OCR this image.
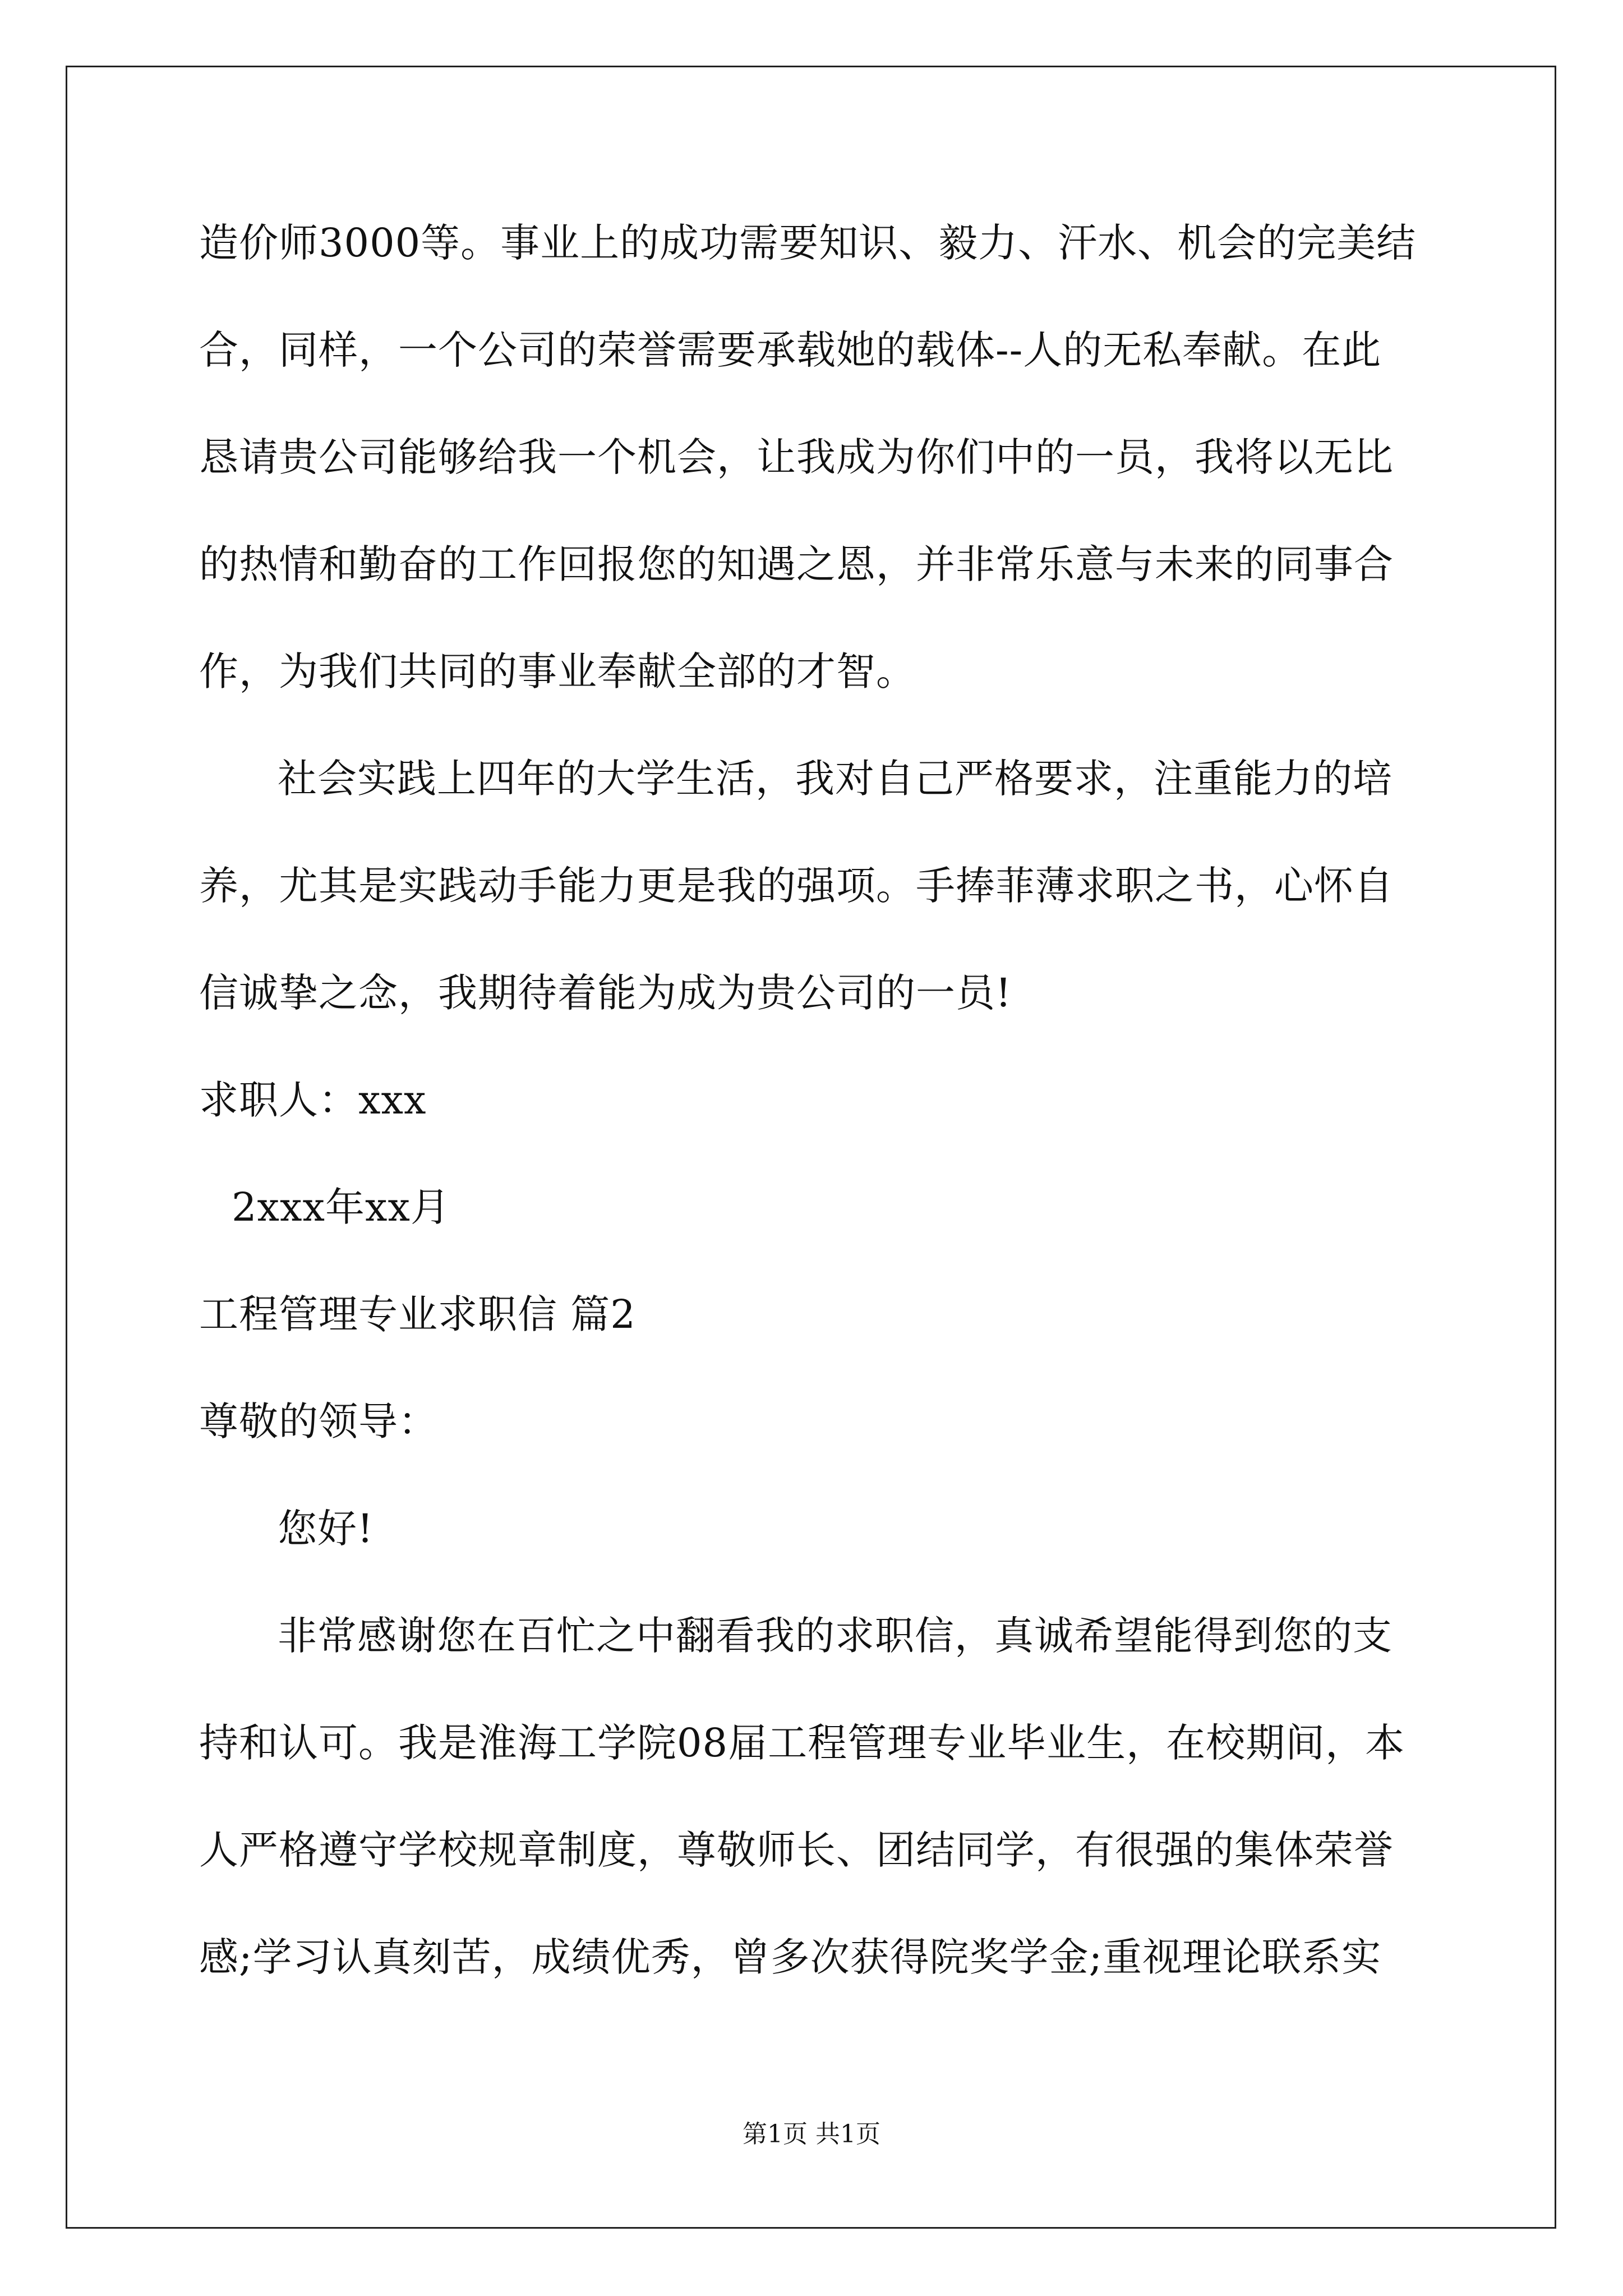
造价师3000等。事业上的成功需要知识、毅力、汗水、机会的完美结
合，同样，一个公司的荣誉需要承载她的载体--人的无私奉献。在此
恳请贵公司能够给我一个机会，让我成为你们中的一员，我将以无比
的热情和勤奋的工作回报您的知遇之恩，并非常乐意与未来的同事合
作，为我们共同的事业奉献全部的才智。
社会实践上四年的大学生活，我对自己严格要求，注重能力的培
养，尤其是实践动手能力更是我的强项。手捧菲薄求职之书，心怀自
信诚挚之念，我期待着能为成为贵公司的一员!
求职人：xxx
2xxx年xx月
工程管理专业求职信 篇2
尊敬的领导：
您好!
非常感谢您在百忙之中翻看我的求职信，真诚希望能得到您的支
持和认可。我是淮海工学院08届工程管理专业毕业生，在校期间，本
人严格遵守学校规章制度，尊敬师长、团结同学，有很强的集体荣誉
感;学习认真刻苦，成绩优秀，曾多次获得院奖学金;重视理论联系实
第1页 共1页
